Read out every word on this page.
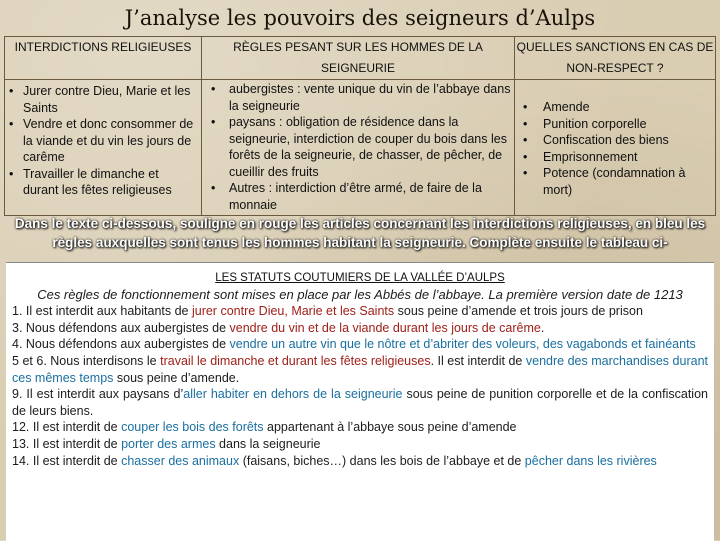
J’analyse les pouvoirs des seigneurs d’Aulps
INTERDICTIONS RELIGIEUSES	RÈGLES PESANT SUR LES HOMMES DE LA SEIGNEURIE
QUELLES SANCTIONS EN CAS DE NON-RESPECT ?
• Jurer contre Dieu, Marie et les Saints
• Vendre et donc consommer de la viande et du vin les jours de carême
• Travailler le dimanche et durant les fêtes religieuses
• aubergistes : vente unique du vin de l’abbaye dans la seigneurie
• paysans : obligation de résidence dans la seigneurie, interdiction de couper du bois dans les forêts de la seigneurie, de chasser, de pêcher, de cueillir des fruits
• Autres : interdiction d’être armé, de faire de la monnaie
• Amende
• Punition corporelle
• Confiscation des biens
• Emprisonnement
• Potence (condamnation à mort)
Dans le texte ci-dessous, souligne en rouge les articles concernant les interdictions religieuses, en bleu les règles auxquelles sont tenus les hommes habitant la seigneurie. Complète ensuite le tableau ci-
LES STATUTS COUTUMIERS DE LA VALLÉE D’AULPS
Ces règles de fonctionnement sont mises en place par les Abbés de l’abbaye. La première version date de 1213
1. Il est interdit aux habitants de jurer contre Dieu, Marie et les Saints sous peine d’amende et trois jours de prison
3. Nous défendons aux aubergistes de vendre du vin et de la viande durant les jours de carême.
4. Nous défendons aux aubergistes de vendre un autre vin que le nôtre et d’abriter des voleurs, des vagabonds et fainéants
5 et 6. Nous interdisons le travail le dimanche et durant les fêtes religieuses. Il est interdit de vendre des marchandises durant ces mêmes temps sous peine d’amende.
9. Il est interdit aux paysans d’aller habiter en dehors de la seigneurie sous peine de punition corporelle et de la confiscation de leurs biens.
12. Il est interdit de couper les bois des forêts appartenant à l’abbaye sous peine d’amende
13. Il est interdit de porter des armes dans la seigneurie
14. Il est interdit de chasser des animaux (faisans, biches…) dans les bois de l’abbaye et de pêcher dans les rivières
